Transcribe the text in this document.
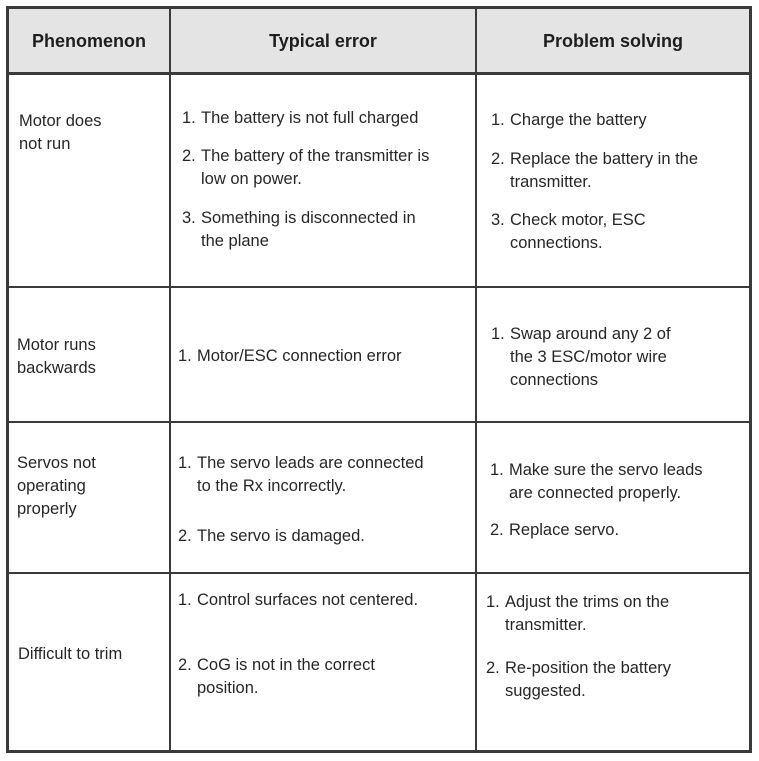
Phenomenon	Typical error	Problem solving
Motor does
not run
1. The battery is not full charged
2. The battery of the transmitter is
low on power.
3. Something is disconnected in
the plane
1. Charge the battery
2. Replace the battery in the
transmitter.
3. Check motor, ESC
connections.
Motor runs
backwards
1. Motor/ESC connection error
1. Swap around any 2 of
the 3 ESC/motor wire
connections
Servos not
operating
properly
1. The servo leads are connected
to the Rx incorrectly.
2. The servo is damaged.
1. Make sure the servo leads
are connected properly.
2. Replace servo.
Difficult to trim
1. Control surfaces not centered.
2. CoG is not in the correct
position.
1. Adjust the trims on the
transmitter.
2. Re-position the battery
suggested.
